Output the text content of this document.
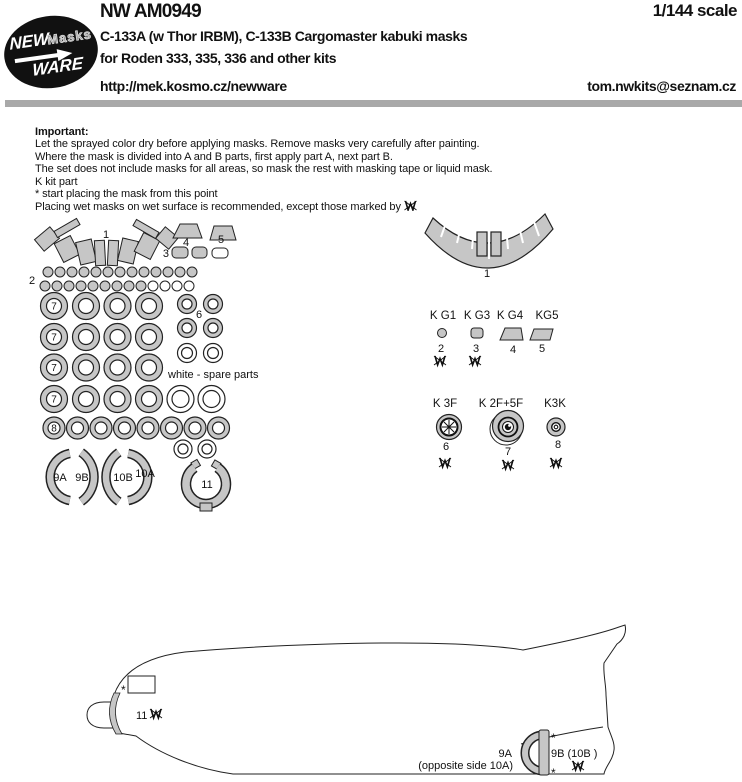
NEW
Masks
WARE
NW AM0949	1/144 scale
C-133A (w Thor IRBM), C-133B Cargomaster kabuki masks
for Roden 333, 335, 336 and other kits
http://mek.kosmo.cz/newware	tom.nwkits@seznam.cz
Important:
Let the sprayed color dry before applying masks. Remove masks very carefully after painting.
Where the mask is divided into A and B parts, first apply part A, next part B.
The set does not include masks for all areas, so mask the rest with masking tape or liquid mask.
K kit part
* start placing the mask from this point
Placing wet masks on wet surface is recommended, except those marked by
1
4	5
3
2
7
7
7
7
6
white - spare parts
8
9A 9B 10B 10A
11
1
K G1 K G3 K G4 KG5
2	3	4 5
K 3F K 2F+5F K3K
6	7
8
*
11
*
*
9A
(opposite side 10A)
9B (10B )
